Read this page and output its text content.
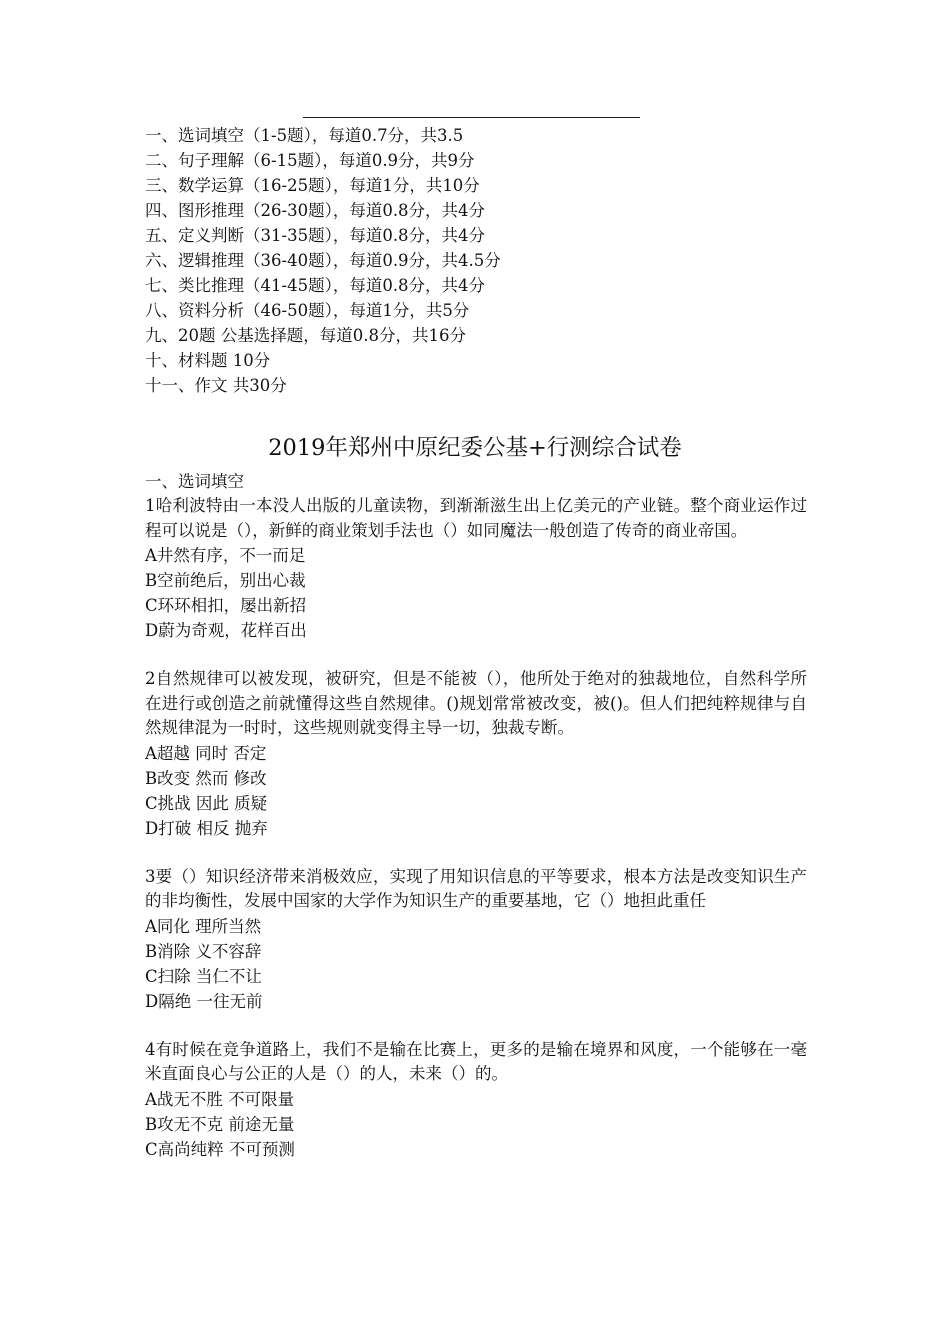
一、选词填空（1-5题），每道0.7分，共3.5
二、句子理解（6-15题），每道0.9分，共9分
三、数学运算（16-25题），每道1分，共10分
四、图形推理（26-30题），每道0.8分，共4分
五、定义判断（31-35题），每道0.8分，共4分
六、逻辑推理（36-40题），每道0.9分，共4.5分
七、类比推理（41-45题），每道0.8分，共4分
八、资料分析（46-50题），每道1分，共5分
九、20题 公基选择题，每道0.8分，共16分
十、材料题 10分
十一、作文 共30分
2019年郑州中原纪委公基+行测综合试卷
一、选词填空

1哈利波特由一本没人出版的儿童读物，到渐渐滋生出上亿美元的产业链。整个商业运作过程可以说是（），新鲜的商业策划手法也（）如同魔法一般创造了传奇的商业帝国。

A井然有序，不一而足
B空前绝后，别出心裁
C环环相扣，屡出新招
D蔚为奇观，花样百出

2自然规律可以被发现，被研究，但是不能被（），他所处于绝对的独裁地位，自然科学所在进行或创造之前就懂得这些自然规律。()规划常常被改变，被()。但人们把纯粹规律与自然规律混为一时时，这些规则就变得主导一切，独裁专断。

A超越 同时 否定
B改变 然而 修改
C挑战 因此 质疑
D打破 相反 抛弃

3要（）知识经济带来消极效应，实现了用知识信息的平等要求，根本方法是改变知识生产的非均衡性，发展中国家的大学作为知识生产的重要基地，它（）地担此重任

A同化 理所当然
B消除 义不容辞
C扫除 当仁不让
D隔绝 一往无前

4有时候在竞争道路上，我们不是输在比赛上，更多的是输在境界和风度，一个能够在一毫米直面良心与公正的人是（）的人，未来（）的。

A战无不胜 不可限量
B攻无不克 前途无量
C高尚纯粹 不可预测
